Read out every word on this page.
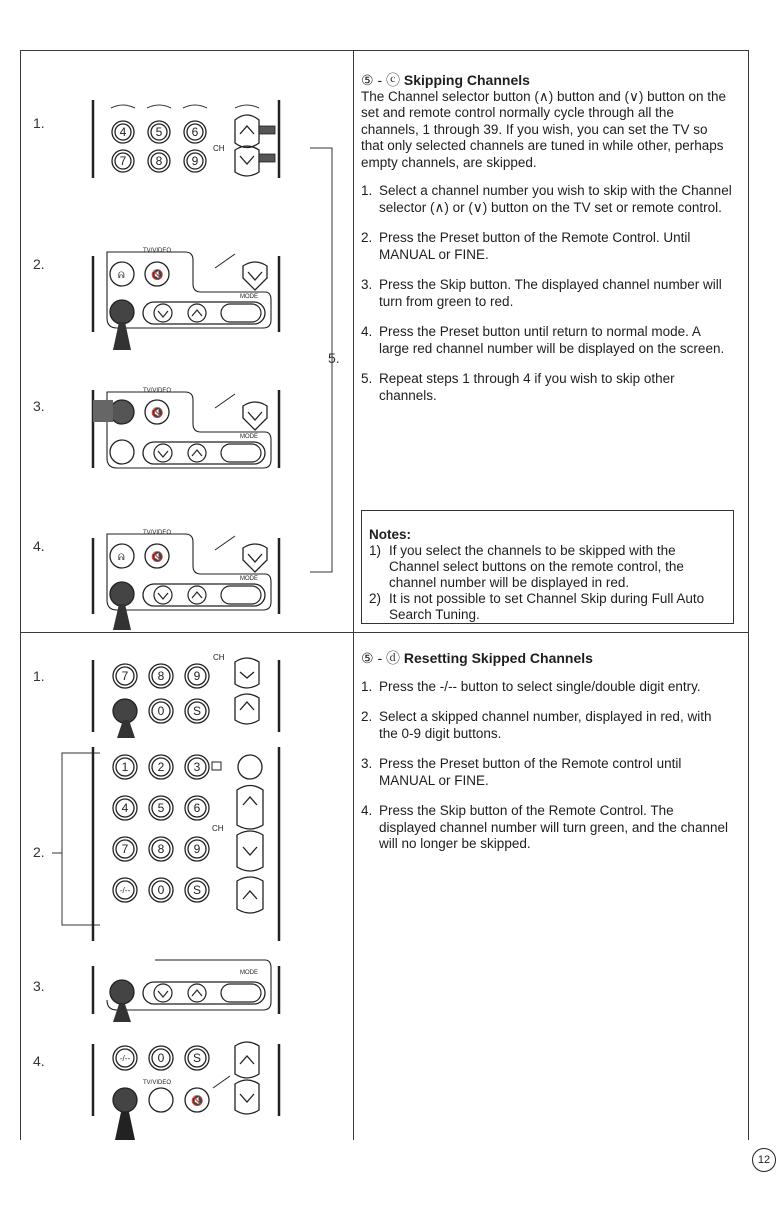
1.
2.
3.
4.
5.
4 5 6
7 8 9
CH
TV/VIDEO
ᕱ	🔇
MODE
TV/VIDEO
🔇
MODE
TV/VIDEO
ᕱ	🔇
MODE
⑤ - ⓒ Skipping Channels

The Channel selector button (∧) button and (∨) button on the set and remote control normally cycle through all the channels, 1 through 39. If you wish, you can set the TV so that only selected channels are tuned in while other, perhaps empty channels, are skipped.

1. Select a channel number you wish to skip with the Channel selector (∧) or (∨) button on the TV set or remote control.
2. Press the Preset button of the Remote Control. Until MANUAL or FINE.
3. Press the Skip button. The displayed channel number will turn from green to red.
4. Press the Preset button until return to normal mode. A large red channel number will be displayed on the screen.
5. Repeat steps 1 through 4 if you wish to skip other channels.
Notes:
1) If you select the channels to be skipped with the Channel select buttons on the remote control, the channel number will be displayed in red.
2) It is not possible to set Channel Skip during Full Auto Search Tuning.
1.
2.
3.
4.
7 8 9
0 S
CH
1 2 3
4 5 6
7 8 9
-/-- 0 S
CH
MODE
-/-- 0 S
TV/VIDEO
🔇
⑤ - ⓓ Resetting Skipped Channels
1. Press the -/-- button to select single/double digit entry.
2. Select a skipped channel number, displayed in red, with the 0-9 digit buttons.
3. Press the Preset button of the Remote control until MANUAL or FINE.
4. Press the Skip button of the Remote Control. The displayed channel number will turn green, and the channel will no longer be skipped.
12
